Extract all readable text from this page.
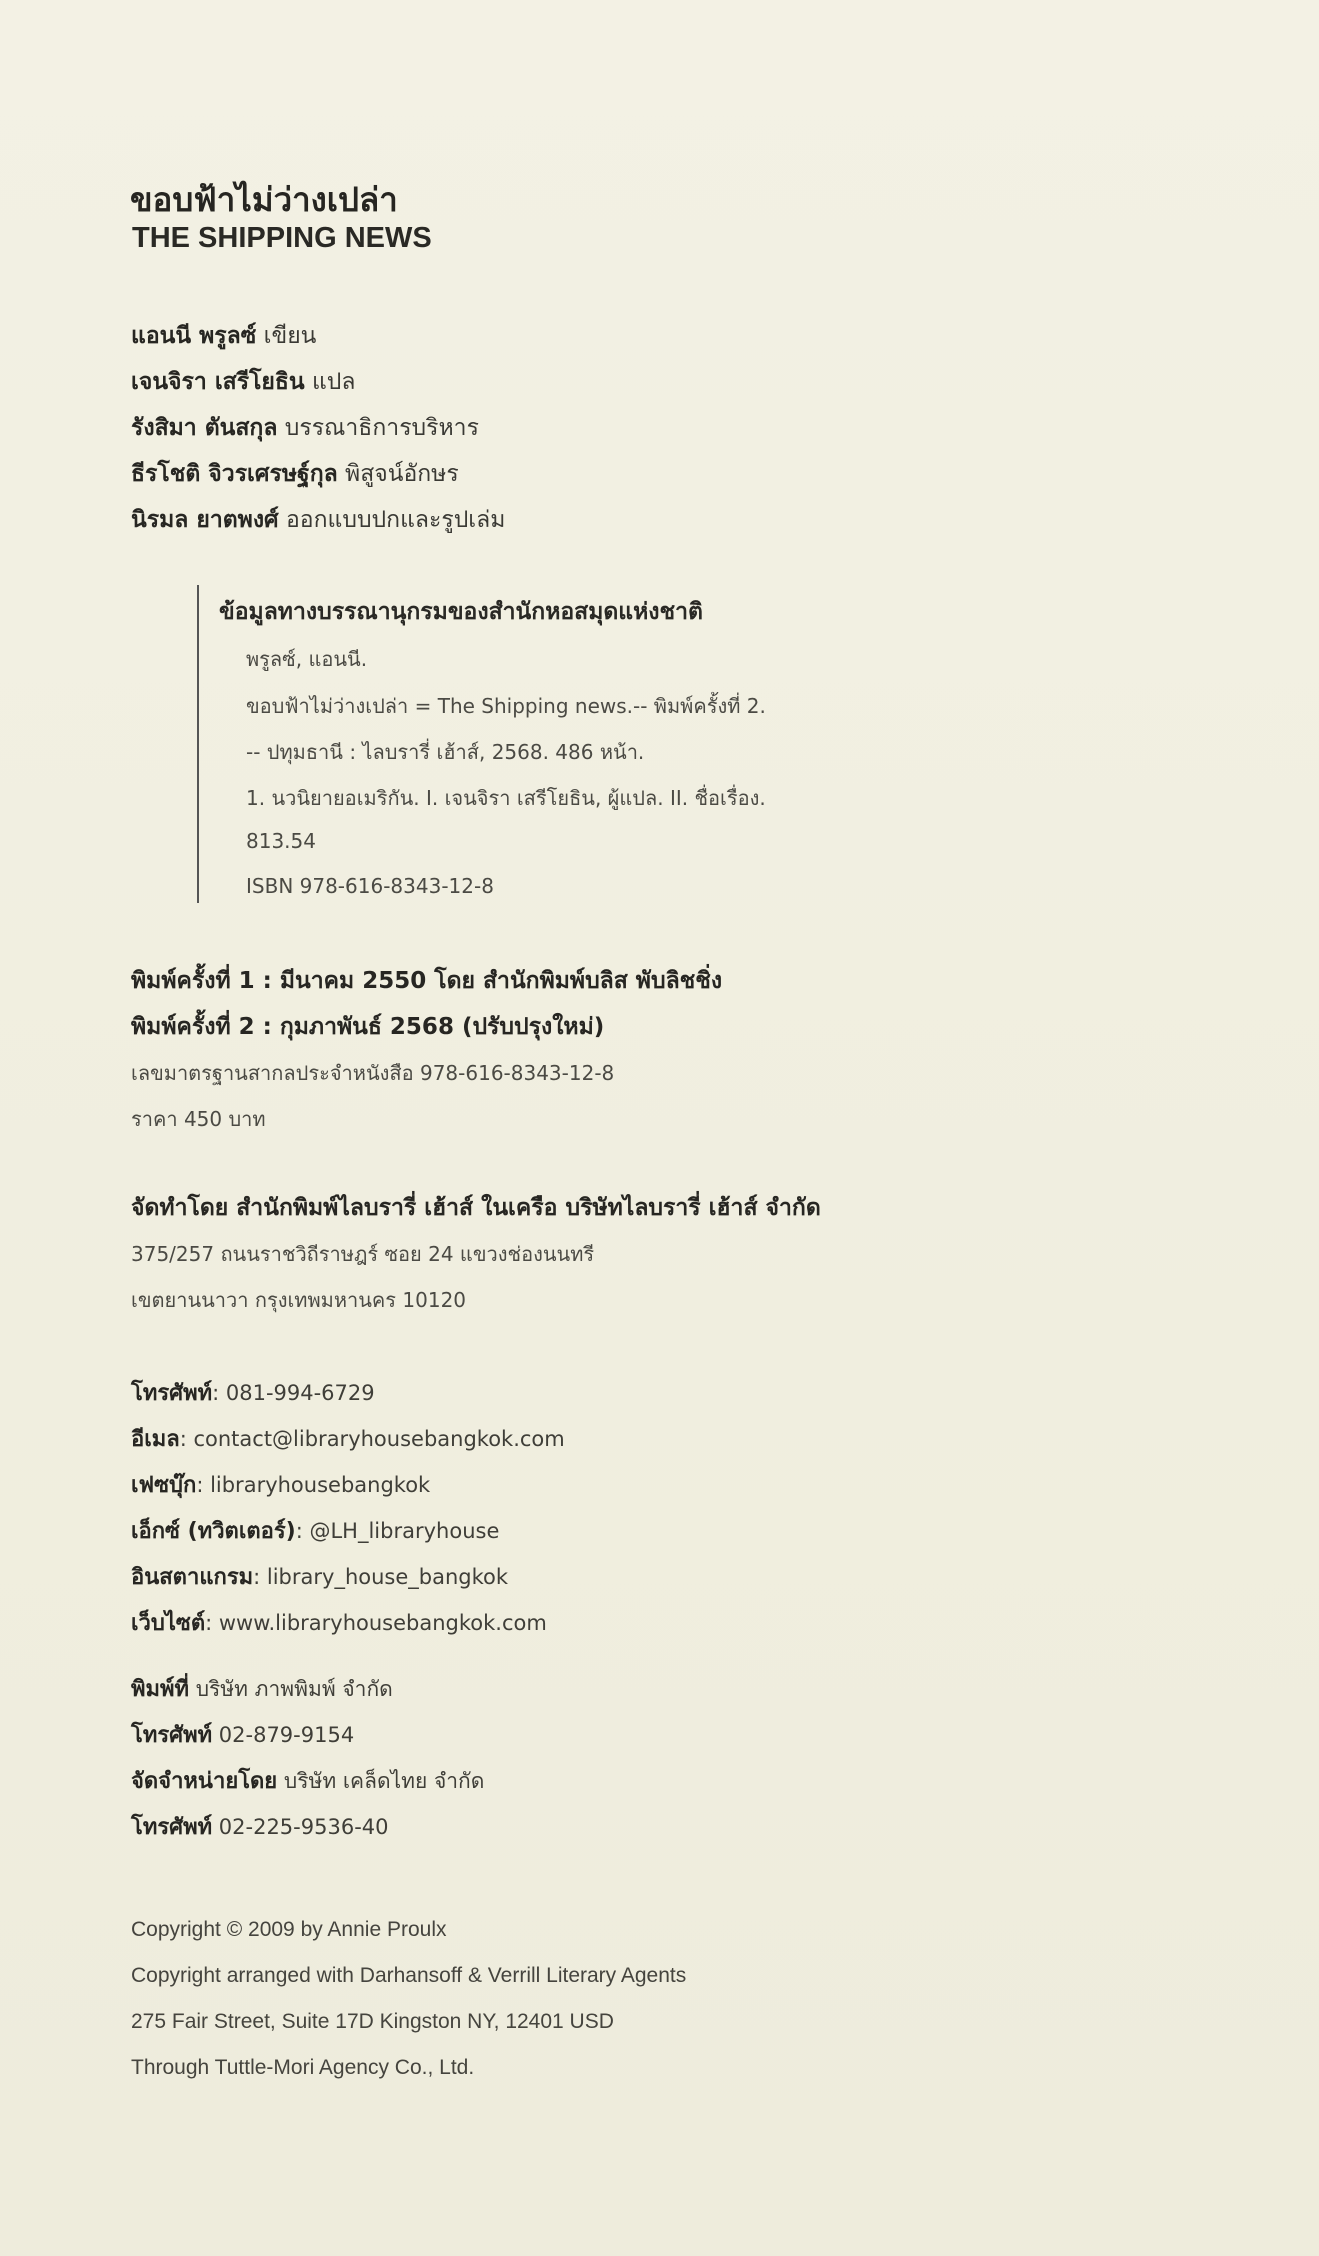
ขอบฟ้าไม่ว่างเปล่า
THE SHIPPING NEWS
แอนนี พรูลซ์ เขียน
เจนจิรา เสรีโยธิน แปล
รังสิมา ตันสกุล บรรณาธิการบริหาร
ธีรโชติ จิวรเศรษฐ์กุล พิสูจน์อักษร
นิรมล ยาตพงศ์ ออกแบบปกและรูปเล่ม
ข้อมูลทางบรรณานุกรมของสำนักหอสมุดแห่งชาติ
พรูลซ์, แอนนี.
ขอบฟ้าไม่ว่างเปล่า = The Shipping news.-- พิมพ์ครั้งที่ 2.
-- ปทุมธานี : ไลบรารี่ เฮ้าส์, 2568. 486 หน้า.
1. นวนิยายอเมริกัน. I. เจนจิรา เสรีโยธิน, ผู้แปล. II. ชื่อเรื่อง.
813.54
ISBN 978-616-8343-12-8
พิมพ์ครั้งที่ 1 : มีนาคม 2550 โดย สำนักพิมพ์บลิส พับลิชชิ่ง
พิมพ์ครั้งที่ 2 : กุมภาพันธ์ 2568 (ปรับปรุงใหม่)
เลขมาตรฐานสากลประจำหนังสือ 978-616-8343-12-8
ราคา 450 บาท
จัดทำโดย สำนักพิมพ์ไลบรารี่ เฮ้าส์ ในเครือ บริษัทไลบรารี่ เฮ้าส์ จำกัด
375/257 ถนนราชวิถีราษฎร์ ซอย 24 แขวงช่องนนทรี
เขตยานนาวา กรุงเทพมหานคร 10120
โทรศัพท์: 081-994-6729
อีเมล: contact@libraryhousebangkok.com
เฟซบุ๊ก: libraryhousebangkok
เอ็กซ์ (ทวิตเตอร์): @LH_libraryhouse
อินสตาแกรม: library_house_bangkok
เว็บไซต์: www.libraryhousebangkok.com
พิมพ์ที่ บริษัท ภาพพิมพ์ จำกัด
โทรศัพท์ 02-879-9154
จัดจำหน่ายโดย บริษัท เคล็ดไทย จำกัด
โทรศัพท์ 02-225-9536-40
Copyright © 2009 by Annie Proulx
Copyright arranged with Darhansoff & Verrill Literary Agents
275 Fair Street, Suite 17D Kingston NY, 12401 USD
Through Tuttle-Mori Agency Co., Ltd.
